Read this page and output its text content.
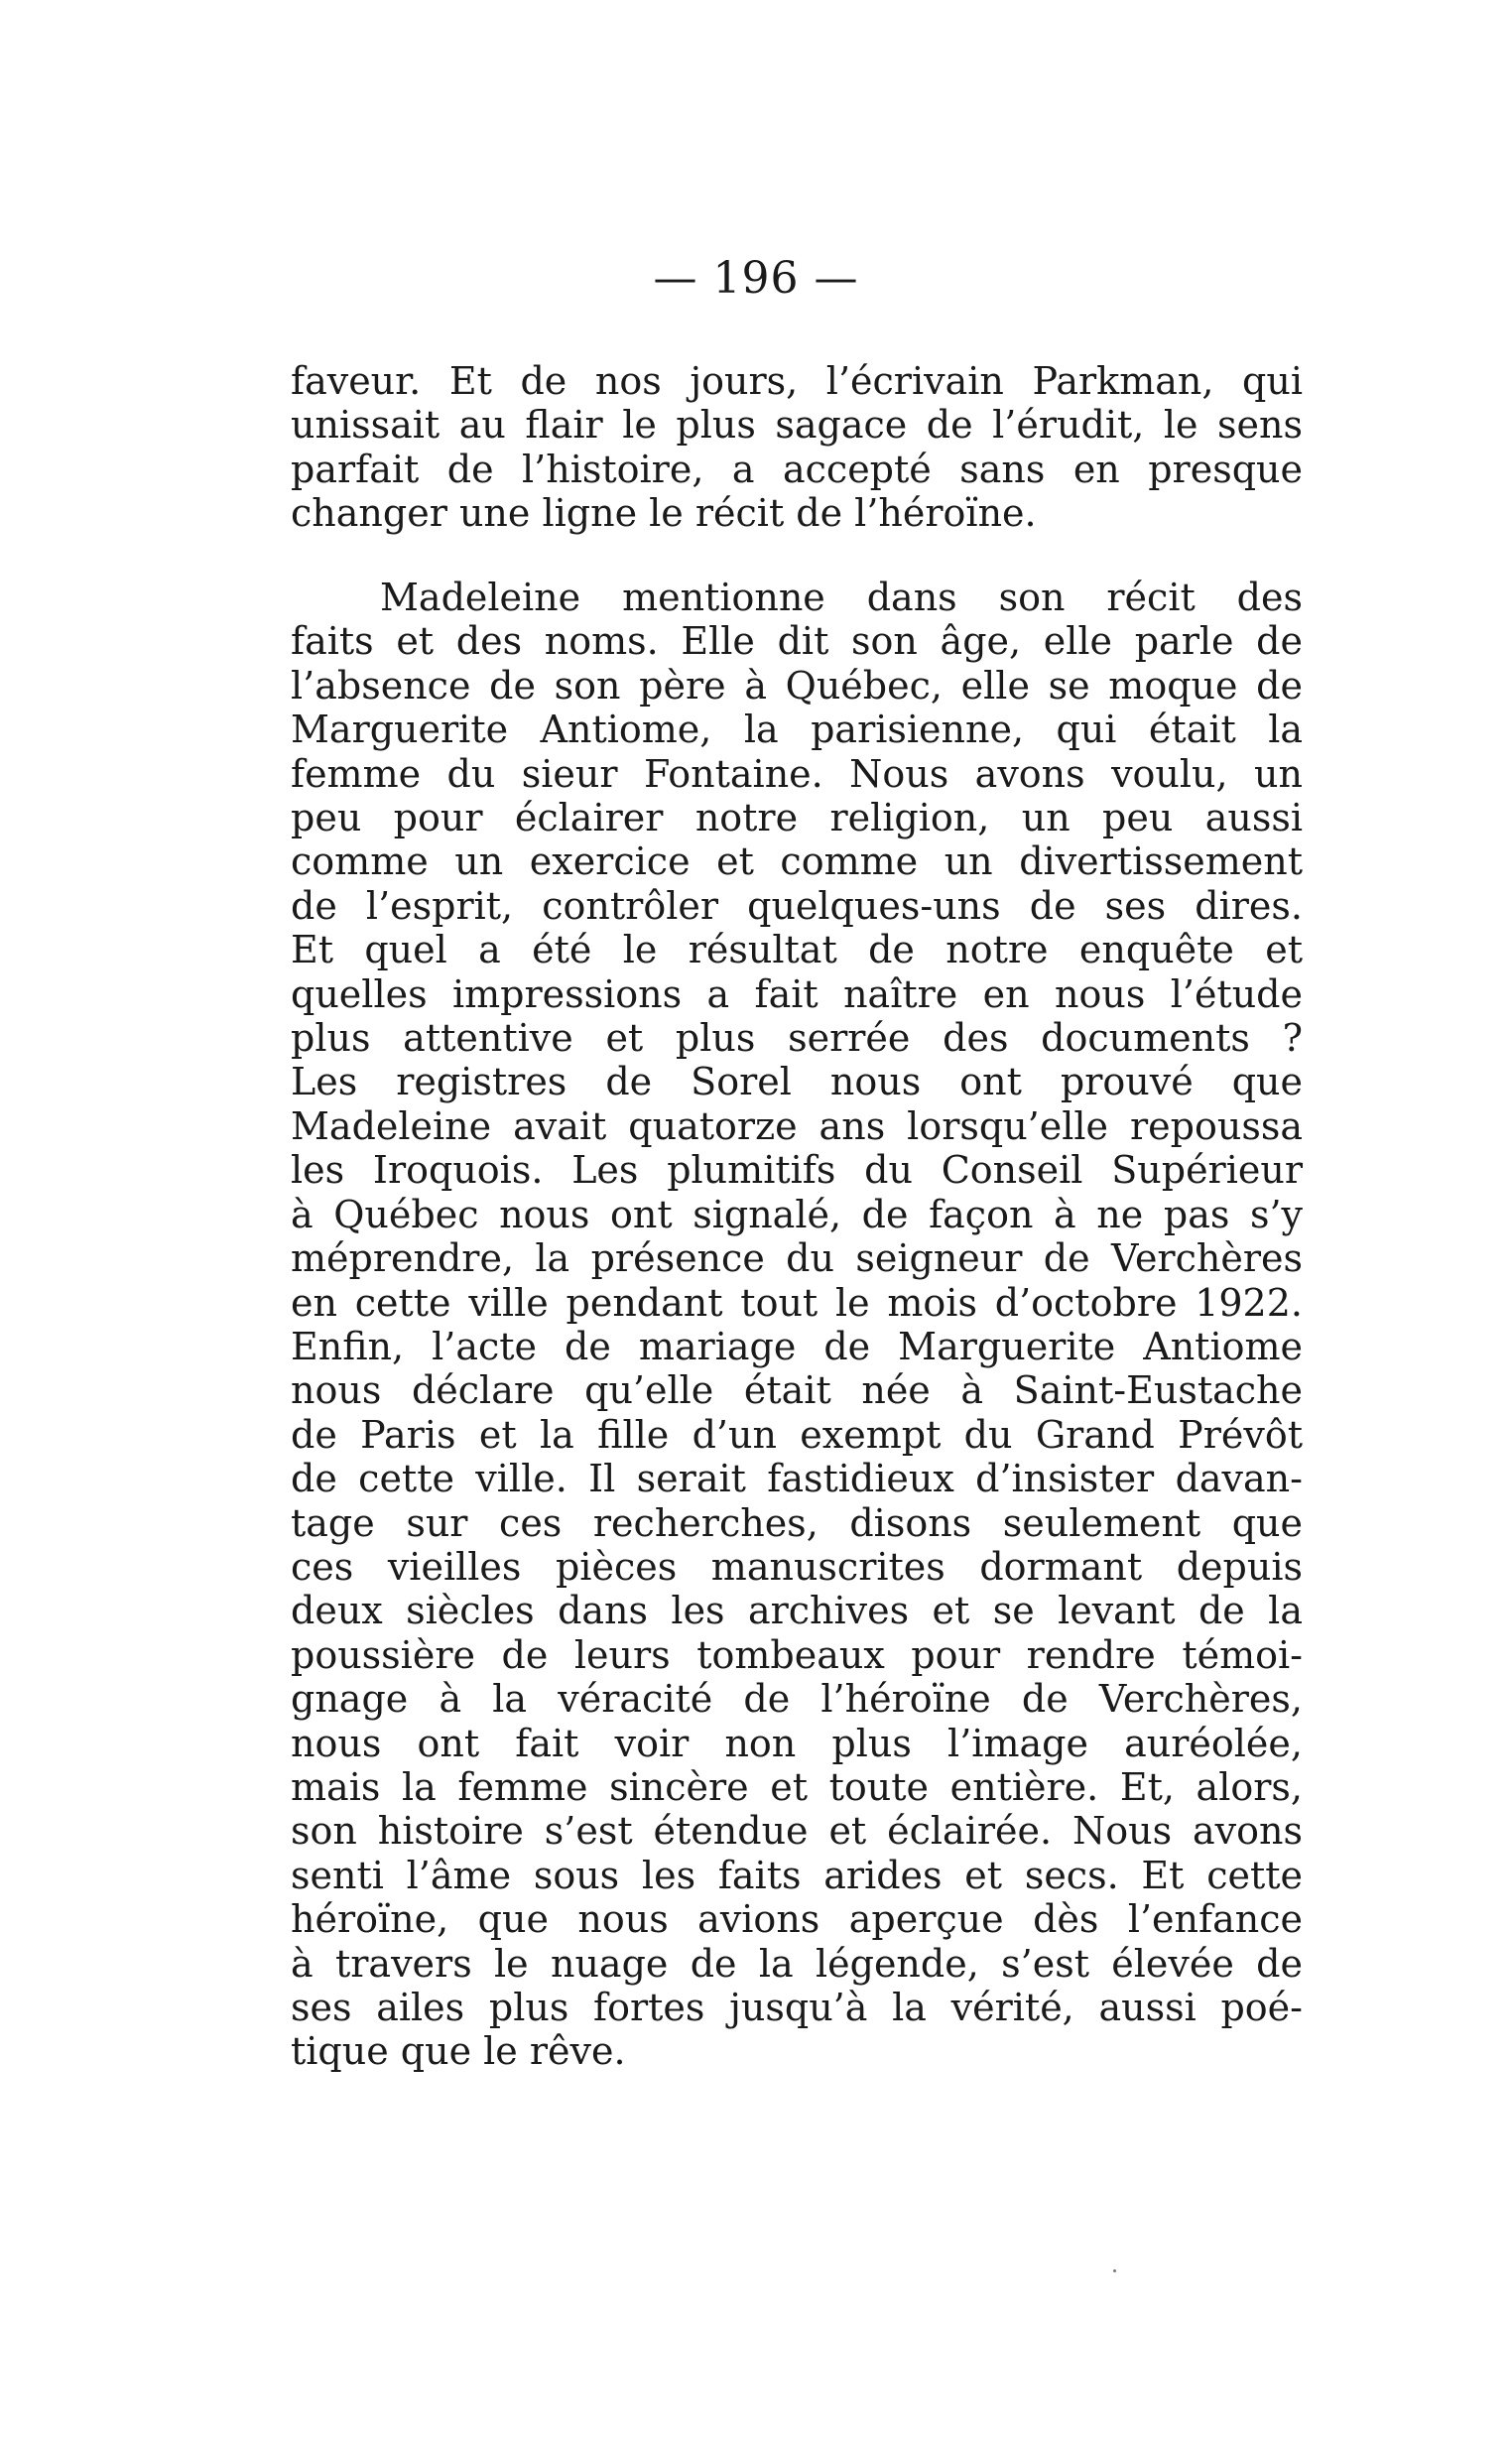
— 196 —
faveur. Et de nos jours, l’écrivain Parkman, qui
unissait au flair le plus sagace de l’érudit, le sens
parfait de l’histoire, a accepté sans en presque
changer une ligne le récit de l’héroïne.
Madeleine mentionne dans son récit des
faits et des noms. Elle dit son âge, elle parle de
l’absence de son père à Québec, elle se moque de
Marguerite Antiome, la parisienne, qui était la
femme du sieur Fontaine. Nous avons voulu, un
peu pour éclairer notre religion, un peu aussi
comme un exercice et comme un divertissement
de l’esprit, contrôler quelques-uns de ses dires.
Et quel a été le résultat de notre enquête et
quelles impressions a fait naître en nous l’étude
plus attentive et plus serrée des documents ?
Les registres de Sorel nous ont prouvé que
Madeleine avait quatorze ans lorsqu’elle repoussa
les Iroquois. Les plumitifs du Conseil Supérieur
à Québec nous ont signalé, de façon à ne pas s’y
méprendre, la présence du seigneur de Verchères
en cette ville pendant tout le mois d’octobre 1922.
Enfin, l’acte de mariage de Marguerite Antiome
nous déclare qu’elle était née à Saint-Eustache
de Paris et la fille d’un exempt du Grand Prévôt
de cette ville. Il serait fastidieux d’insister davan-
tage sur ces recherches, disons seulement que
ces vieilles pièces manuscrites dormant depuis
deux siècles dans les archives et se levant de la
poussière de leurs tombeaux pour rendre témoi-
gnage à la véracité de l’héroïne de Verchères,
nous ont fait voir non plus l’image auréolée,
mais la femme sincère et toute entière. Et, alors,
son histoire s’est étendue et éclairée. Nous avons
senti l’âme sous les faits arides et secs. Et cette
héroïne, que nous avions aperçue dès l’enfance
à travers le nuage de la légende, s’est élevée de
ses ailes plus fortes jusqu’à la vérité, aussi poé-
tique que le rêve.
